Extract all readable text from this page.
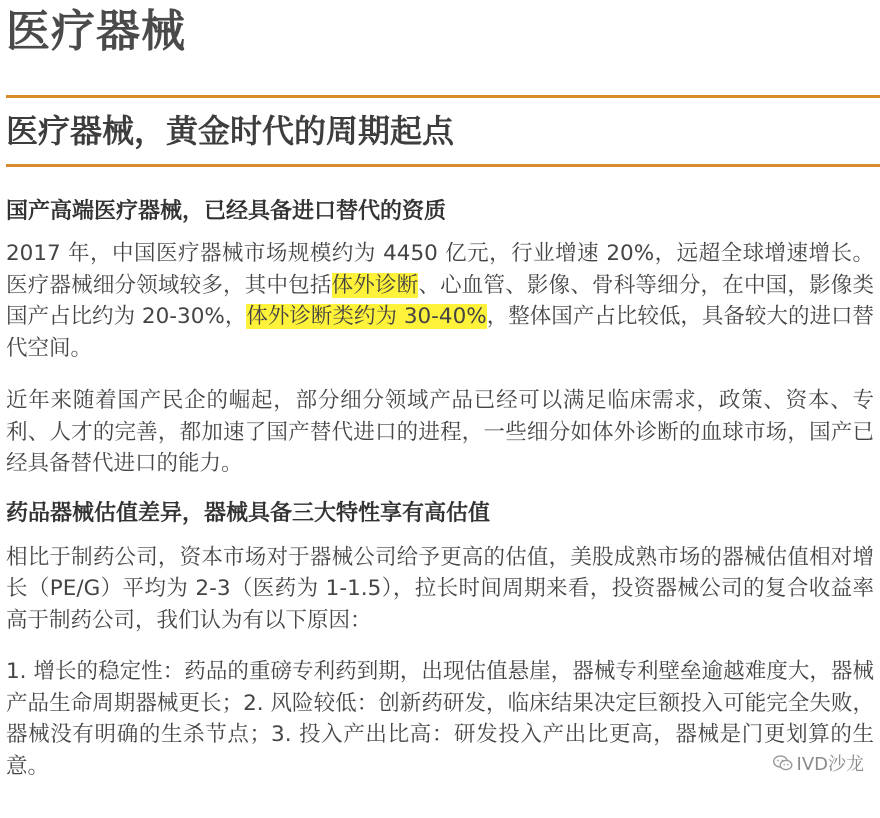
医疗器械
医疗器械，黄金时代的周期起点
国产高端医疗器械，已经具备进口替代的资质

2017 年，中国医疗器械市场规模约为 4450 亿元，行业增速 20%，远超全球增速增长。医疗器械细分领域较多，其中包括体外诊断、心血管、影像、骨科等细分，在中国，影像类国产占比约为 20-30%，体外诊断类约为 30-40%，整体国产占比较低，具备较大的进口替代空间。

近年来随着国产民企的崛起，部分细分领域产品已经可以满足临床需求，政策、资本、专利、人才的完善，都加速了国产替代进口的进程，一些细分如体外诊断的血球市场，国产已经具备替代进口的能力。

药品器械估值差异，器械具备三大特性享有高估值

相比于制药公司，资本市场对于器械公司给予更高的估值，美股成熟市场的器械估值相对增长（PE/G）平均为 2-3（医药为 1-1.5），拉长时间周期来看，投资器械公司的复合收益率高于制药公司，我们认为有以下原因：

1. 增长的稳定性：药品的重磅专利药到期，出现估值悬崖，器械专利壁垒逾越难度大，器械产品生命周期器械更长；2. 风险较低：创新药研发，临床结果决定巨额投入可能完全失败，器械没有明确的生杀节点；3. 投入产出比高：研发投入产出比更高，器械是门更划算的生意。	IVD沙龙
